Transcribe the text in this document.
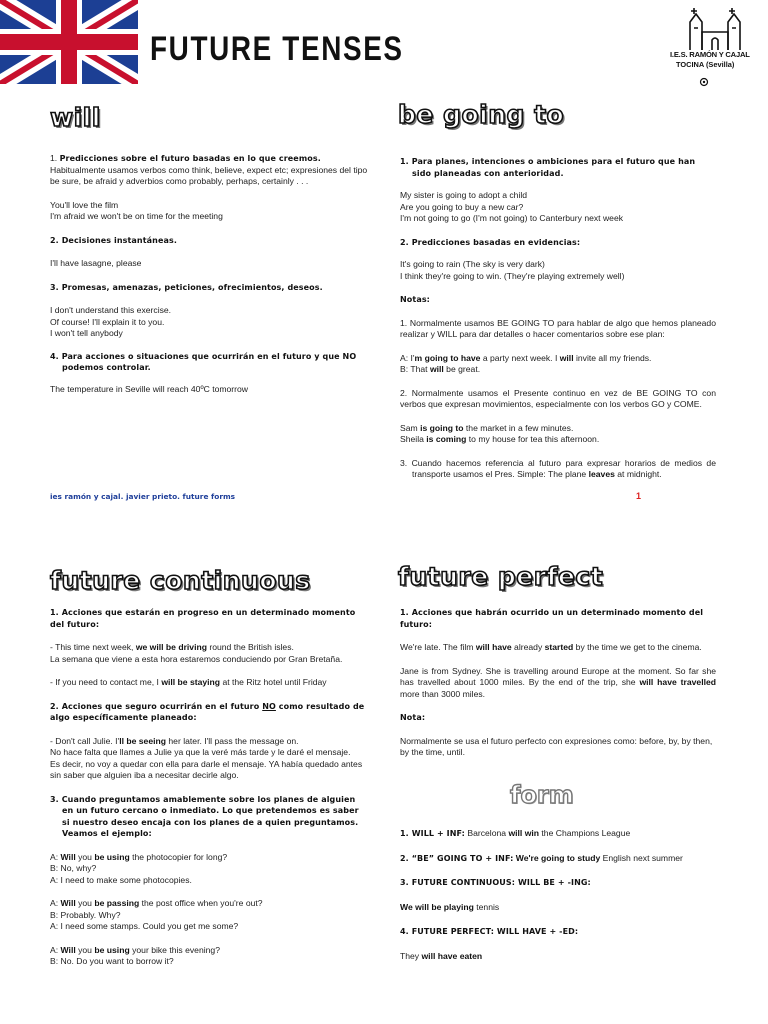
FUTURE TENSES	I.E.S. RAMÓN Y CAJAL
TOCINA (Sevilla)
will

1. Predicciones sobre el futuro basadas en lo que creemos.

Habitualmente usamos verbos como think, believe, expect etc; expresiones del tipo be sure, be afraid y adverbios como probably, perhaps, certainly . . .

You'll love the film

I'm afraid we won't be on time for the meeting

2. Decisiones instantáneas.

I'll have lasagne, please

3. Promesas, amenazas, peticiones, ofrecimientos, deseos.

I don't understand this exercise.

Of course! I'll explain it to you.

I won't tell anybody

4. Para acciones o situaciones que ocurrirán en el futuro y que NO podemos controlar.

The temperature in Seville will reach 40ºC tomorrow

ies ramón y cajal. javier prieto. future forms
be going to

1. Para planes, intenciones o ambiciones para el futuro que han sido planeadas con anterioridad.

My sister is going to adopt a child

Are you going to buy a new car?

I'm not going to go (I'm not going) to Canterbury next week

2. Predicciones basadas en evidencias:

It's going to rain (The sky is very dark)

I think they're going to win. (They're playing extremely well)

Notas:

1. Normalmente usamos BE GOING TO para hablar de algo que hemos planeado realizar y WILL para dar detalles o hacer comentarios sobre ese plan:

A: I'm going to have a party next week. I will invite all my friends.

B: That will be great.

2. Normalmente usamos el Presente continuo en vez de BE GOING TO con verbos que expresan movimientos, especialmente con los verbos GO y COME.

Sam is going to the market in a few minutes.

Sheila is coming to my house for tea this afternoon.

3. Cuando hacemos referencia al futuro para expresar horarios de medios de transporte usamos el Pres. Simple: The plane leaves at midnight.

1
future continuous

1. Acciones que estarán en progreso en un determinado momento del futuro:

- This time next week, we will be driving round the British isles.

La semana que viene a esta hora estaremos conduciendo por Gran Bretaña.

- If you need to contact me, I will be staying at the Ritz hotel until Friday

2. Acciones que seguro ocurrirán en el futuro NO como resultado de algo específicamente planeado:

- Don't call Julie. I'll be seeing her later. I'll pass the message on.

No hace falta que llames a Julie ya que la veré más tarde y le daré el mensaje.

Es decir, no voy a quedar con ella para darle el mensaje. YA había quedado antes sin saber que alguien iba a necesitar decirle algo.

3. Cuando preguntamos amablemente sobre los planes de alguien en un futuro cercano o inmediato. Lo que pretendemos es saber si nuestro deseo encaja con los planes de a quien preguntamos. Veamos el ejemplo:

A: Will you be using the photocopier for long?

B: No, why?

A: I need to make some photocopies.

A: Will you be passing the post office when you're out?

B: Probably. Why?

A: I need some stamps. Could you get me some?

A: Will you be using your bike this evening?

B: No. Do you want to borrow it?

future perfect

1. Acciones que habrán ocurrido un un determinado momento del futuro:

We're late. The film will have already started by the time we get to the cinema.

Jane is from Sydney. She is travelling around Europe at the moment. So far she has travelled about 1000 miles. By the end of the trip, she will have travelled more than 3000 miles.

Nota:

Normalmente se usa el futuro perfecto con expresiones como: before, by, by then, by the time, until.

form

1. WILL + INF: Barcelona will win the Champions League

2. “BE” GOING TO + INF: We're going to study English next summer

3. FUTURE CONTINUOUS: WILL BE + -ING:

We will be playing tennis

4. FUTURE PERFECT: WILL HAVE + -ED:

They will have eaten
